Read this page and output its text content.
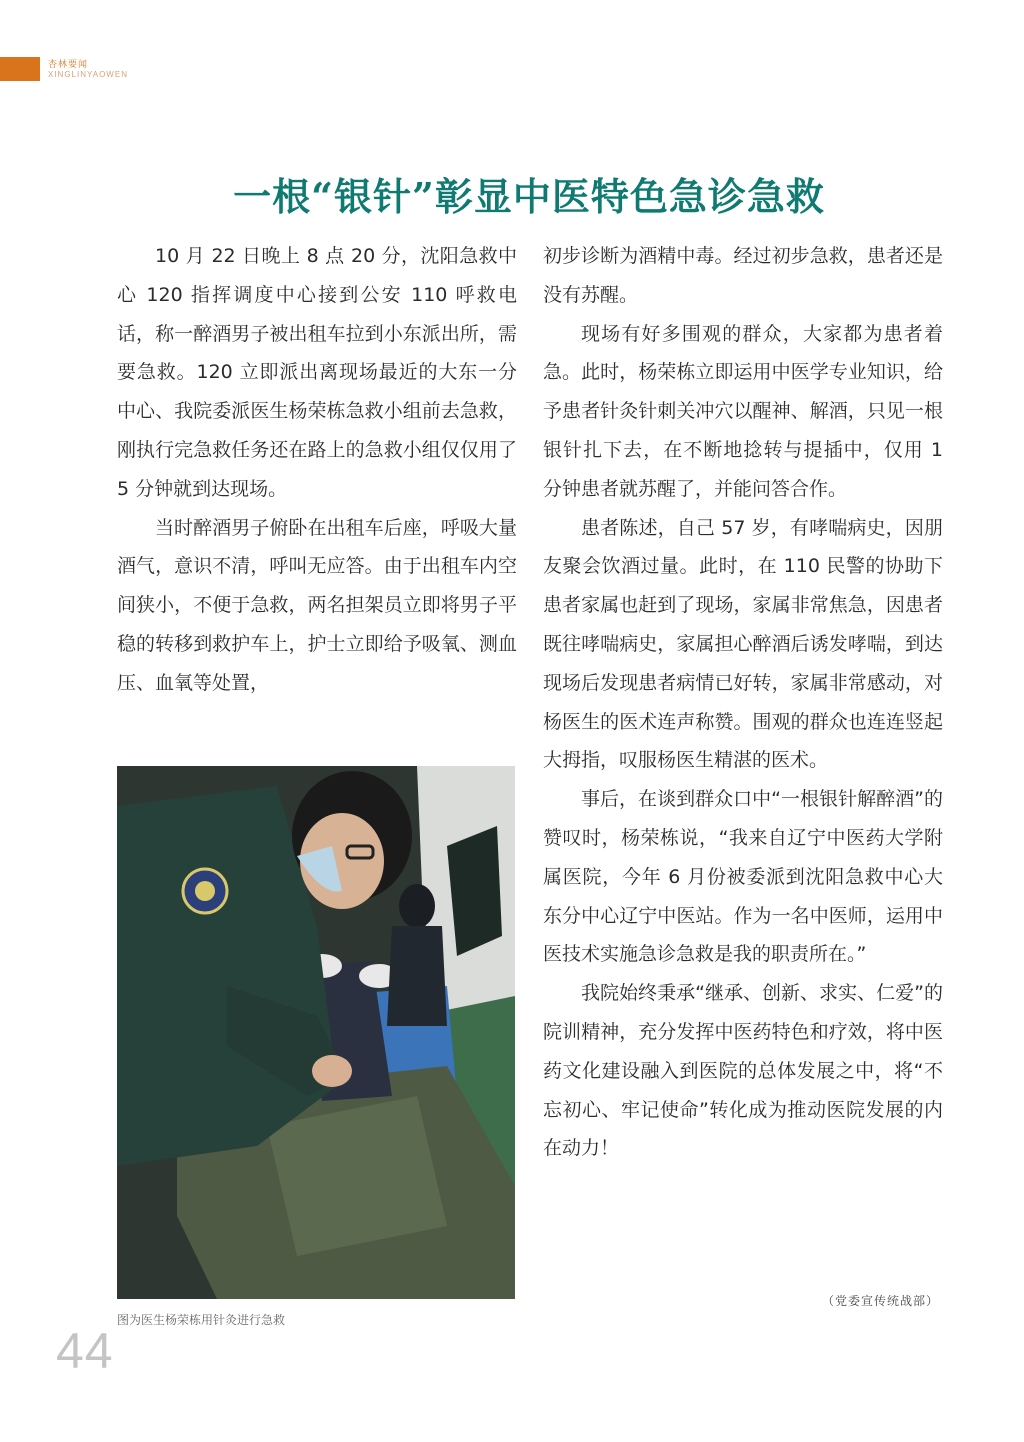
杏林要闻
XINGLINYAOWEN
一根“银针”彰显中医特色急诊急救

10 月 22 日晚上 8 点 20 分，沈阳急救中心 120 指挥调度中心接到公安 110 呼救电话，称一醉酒男子被出租车拉到小东派出所，需要急救。120 立即派出离现场最近的大东一分中心、我院委派医生杨荣栋急救小组前去急救，刚执行完急救任务还在路上的急救小组仅仅用了 5 分钟就到达现场。

当时醉酒男子俯卧在出租车后座，呼吸大量酒气，意识不清，呼叫无应答。由于出租车内空间狭小，不便于急救，两名担架员立即将男子平稳的转移到救护车上，护士立即给予吸氧、测血压、血氧等处置，

图为医生杨荣栋用针灸进行急救

初步诊断为酒精中毒。经过初步急救，患者还是没有苏醒。

现场有好多围观的群众，大家都为患者着急。此时，杨荣栋立即运用中医学专业知识，给予患者针灸针刺关冲穴以醒神、解酒，只见一根银针扎下去，在不断地捻转与提插中，仅用 1 分钟患者就苏醒了，并能问答合作。

患者陈述，自己 57 岁，有哮喘病史，因朋友聚会饮酒过量。此时，在 110 民警的协助下患者家属也赶到了现场，家属非常焦急，因患者既往哮喘病史，家属担心醉酒后诱发哮喘，到达现场后发现患者病情已好转，家属非常感动，对杨医生的医术连声称赞。围观的群众也连连竖起大拇指，叹服杨医生精湛的医术。

事后，在谈到群众口中“一根银针解醉酒”的赞叹时，杨荣栋说，“我来自辽宁中医药大学附属医院，今年 6 月份被委派到沈阳急救中心大东分中心辽宁中医站。作为一名中医师，运用中医技术实施急诊急救是我的职责所在。”

我院始终秉承“继承、创新、求实、仁爱”的院训精神，充分发挥中医药特色和疗效，将中医药文化建设融入到医院的总体发展之中，将“不忘初心、牢记使命”转化成为推动医院发展的内在动力！

（党委宣传统战部）
44
